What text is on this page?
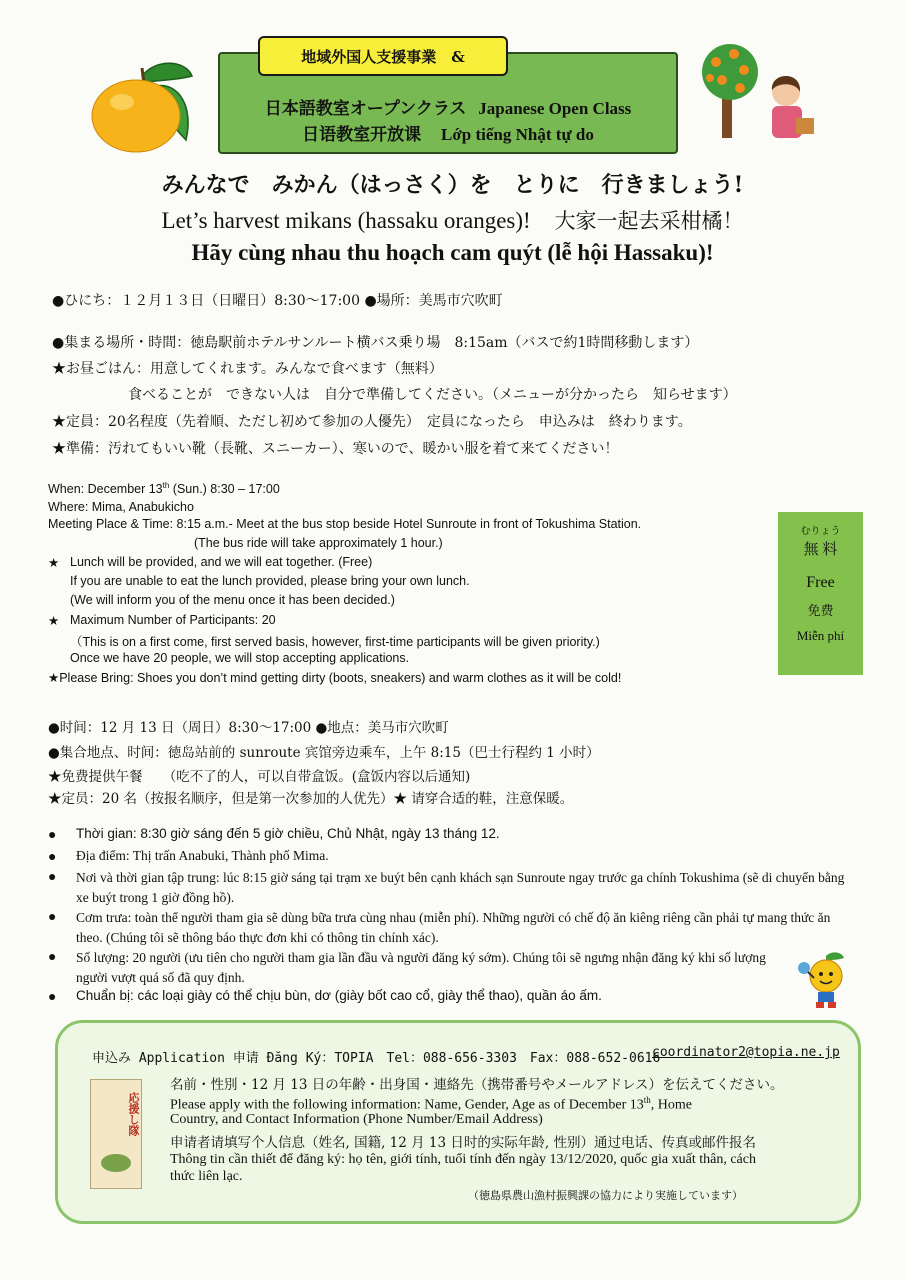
地域外国人支援事業　&
日本語教室オープンクラス Japanese Open Class
日语教室开放课 Lớp tiếng Nhật tự do
みんなで　みかん（はっさく）を　とりに　行きましょう!
Let’s harvest mikans (hassaku oranges)! 大家一起去采柑橘！
Hãy cùng nhau thu hoạch cam quýt (lễ hội Hassaku)!
●ひにち：１２月１３日（日曜日）8:30～17:00 ●場所：美馬市穴吹町
●集まる場所・時間：徳島駅前ホテルサンルート横バス乗り場　8:15am（バスで約1時間移動します）
★お昼ごはん：用意してくれます。みんなで食べます（無料）
食べることが　できない人は　自分で準備してください。（メニューが分かったら　知らせます）
★定員：20名程度（先着順、ただし初めて参加の人優先）　定員になったら　申込みは　終わります。
★準備：汚れてもいい靴（長靴、スニーカー）、寒いので、暖かい服を着て来てください！
When: December 13th (Sun.) 8:30 – 17:00
Where: Mima, Anabukicho
Meeting Place & Time: 8:15 a.m.- Meet at the bus stop beside Hotel Sunroute in front of Tokushima Station.
(The bus ride will take approximately 1 hour.)
★ Lunch will be provided, and we will eat together. (Free)
If you are unable to eat the lunch provided, please bring your own lunch.
(We will inform you of the menu once it has been decided.)
★ Maximum Number of Participants: 20
（This is on a first come, first served basis, however, first-time participants will be given priority.)
Once we have 20 people, we will stop accepting applications.
★Please Bring: Shoes you don’t mind getting dirty (boots, sneakers) and warm clothes as it will be cold!
むりょう
無 料
Free
免费
Miễn phí
●时间：12 月 13 日（周日）8:30～17:00 ●地点：美马市穴吹町
●集合地点、时间：徳岛站前的 sunroute 宾馆旁边乘车，上午 8:15（巴士行程约 1 小时）
★免费提供午餐　　（吃不了的人，可以自带盒饭。(盒饭内容以后通知)
★定员：20 名（按报名顺序，但是第一次参加的人优先）★ 请穿合适的鞋，注意保暖。
● Thời gian: 8:30 giờ sáng đến 5 giờ chiều, Chủ Nhật, ngày 13 tháng 12.
● Địa điểm: Thị trấn Anabuki, Thành phố Mima.
● Nơi và thời gian tập trung: lúc 8:15 giờ sáng tại trạm xe buýt bên cạnh khách sạn Sunroute ngay trước ga chính Tokushima (sẽ di chuyển bằng xe buýt trong 1 giờ đồng hồ).
● Cơm trưa: toàn thể người tham gia sẽ dùng bữa trưa cùng nhau (miễn phí). Những người có chế độ ăn kiêng riêng cần phải tự mang thức ăn theo. (Chúng tôi sẽ thông báo thực đơn khi có thông tin chính xác).
● Số lượng: 20 người (ưu tiên cho người tham gia lần đầu và người đăng ký sớm). Chúng tôi sẽ ngưng nhận đăng ký khi số lượng người vượt quá số đã quy định.
● Chuẩn bị: các loại giày có thể chịu bùn, dơ (giày bốt cao cổ, giày thể thao), quần áo ấm.
申込み Application 申请 Đăng Ký：TOPIA　Tel：088-656-3303　Fax：088-652-0616
coordinator2@topia.ne.jp
名前・性別・12 月 13 日の年齢・出身国・連絡先（携帯番号やメールアドレス）を伝えてください。
Please apply with the following information: Name, Gender, Age as of December 13th, Home
Country, and Contact Information (Phone Number/Email Address)
申请者请填写个人信息（姓名, 国籍, 12 月 13 日时的实际年龄, 性别）通过电话、传真或邮件报名
Thông tin cần thiết để đăng ký: họ tên, giới tính, tuổi tính đến ngày 13/12/2020, quốc gia xuất thân, cách
thức liên lạc.
（徳島県農山漁村振興課の協力により実施しています）
応援し隊
